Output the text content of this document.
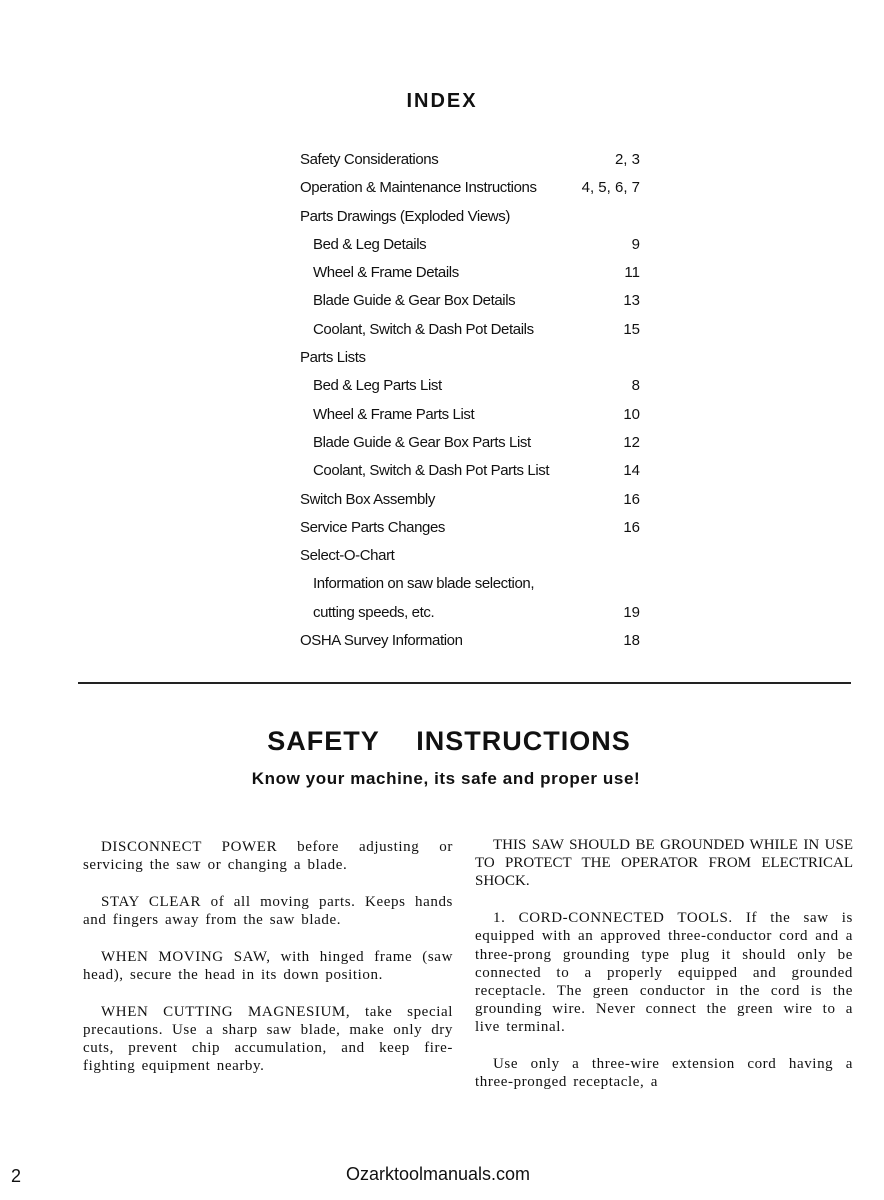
INDEX
Safety Considerations	2, 3
Operation & Maintenance Instructions	4, 5, 6, 7
Parts Drawings (Exploded Views)
Bed & Leg Details	9
Wheel & Frame Details	11
Blade Guide & Gear Box Details	13
Coolant, Switch & Dash Pot Details	15
Parts Lists
Bed & Leg Parts List	8
Wheel & Frame Parts List	10
Blade Guide & Gear Box Parts List	12
Coolant, Switch & Dash Pot Parts List	14
Switch Box Assembly	16
Service Parts Changes	16
Select-O-Chart
Information on saw blade selection,
cutting speeds, etc.	19
OSHA Survey Information	18
SAFETY  INSTRUCTIONS
Know your machine, its safe and proper use!

DISCONNECT POWER before adjusting or servicing the saw or changing a blade.

STAY CLEAR of all moving parts. Keeps hands and fingers away from the saw blade.

WHEN MOVING SAW, with hinged frame (saw head), secure the head in its down position.

WHEN CUTTING MAGNESIUM, take special precautions. Use a sharp saw blade, make only dry cuts, prevent chip accumulation, and keep fire-fighting equipment nearby.

THIS SAW SHOULD BE GROUNDED WHILE IN USE TO PROTECT THE OPERATOR FROM ELECTRICAL SHOCK.

1. CORD-CONNECTED TOOLS. If the saw is equipped with an approved three-conductor cord and a three-prong grounding type plug it should only be connected to a properly equipped and grounded receptacle. The green conductor in the cord is the grounding wire. Never connect the green wire to a live terminal.

Use only a three-wire extension cord having a three-pronged receptacle, a

2	Ozarktoolmanuals.com
